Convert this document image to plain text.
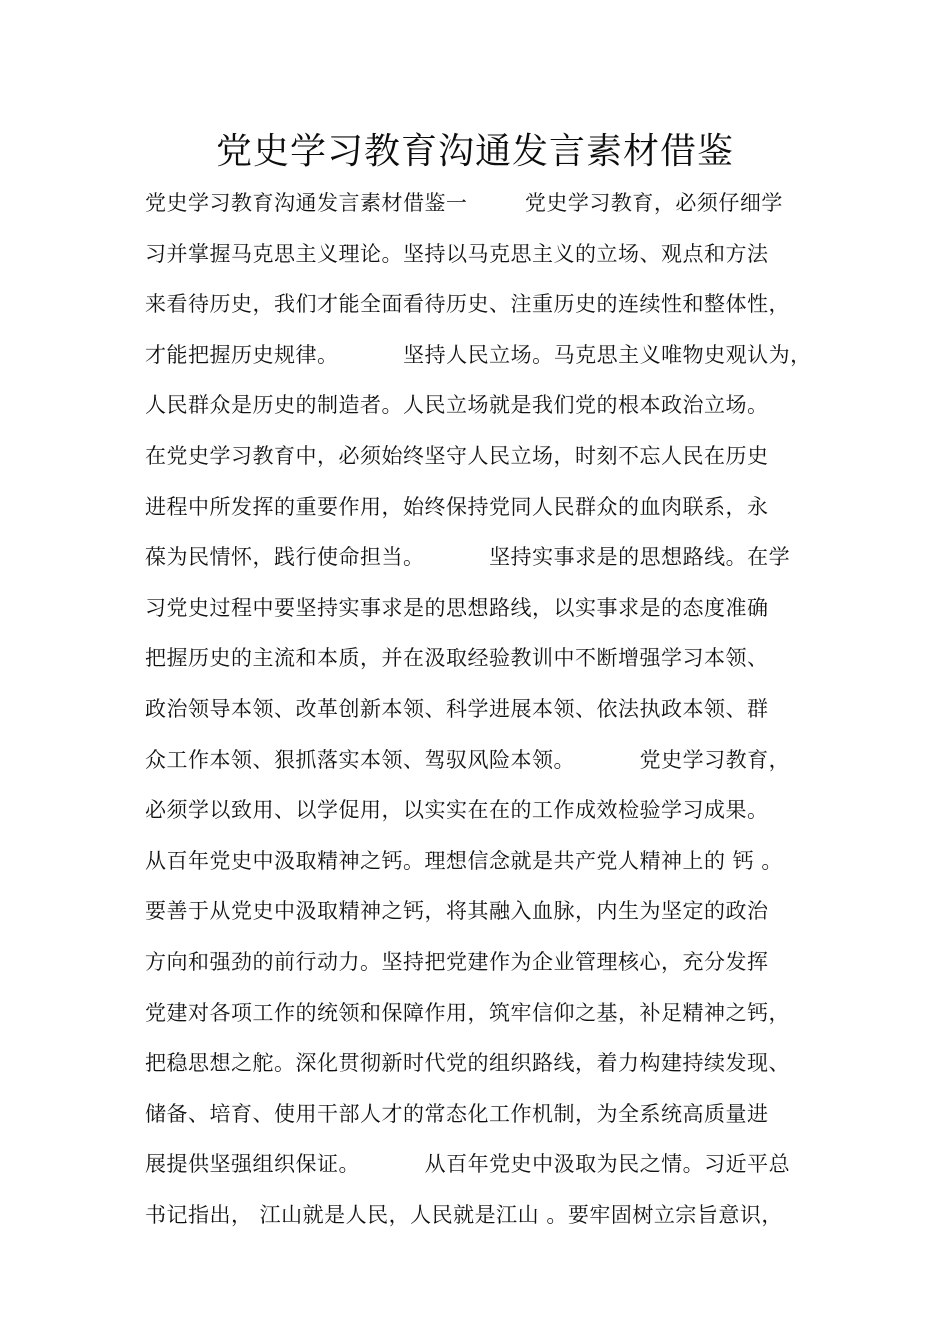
党史学习教育沟通发言素材借鉴
党史学习教育沟通发言素材借鉴一        党史学习教育，必须仔细学
习并掌握马克思主义理论。坚持以马克思主义的立场、观点和方法
来看待历史，我们才能全面看待历史、注重历史的连续性和整体性，
才能把握历史规律。         坚持人民立场。马克思主义唯物史观认为，
人民群众是历史的制造者。人民立场就是我们党的根本政治立场。
在党史学习教育中，必须始终坚守人民立场，时刻不忘人民在历史
进程中所发挥的重要作用，始终保持党同人民群众的血肉联系，永
葆为民情怀，践行使命担当。         坚持实事求是的思想路线。在学
习党史过程中要坚持实事求是的思想路线，以实事求是的态度准确
把握历史的主流和本质，并在汲取经验教训中不断增强学习本领、
政治领导本领、改革创新本领、科学进展本领、依法执政本领、群
众工作本领、狠抓落实本领、驾驭风险本领。         党史学习教育，
必须学以致用、以学促用，以实实在在的工作成效检验学习成果。
从百年党史中汲取精神之钙。理想信念就是共产党人精神上的 钙 。
要善于从党史中汲取精神之钙，将其融入血脉，内生为坚定的政治
方向和强劲的前行动力。坚持把党建作为企业管理核心，充分发挥
党建对各项工作的统领和保障作用，筑牢信仰之基，补足精神之钙，
把稳思想之舵。深化贯彻新时代党的组织路线，着力构建持续发现、
储备、培育、使用干部人才的常态化工作机制，为全系统高质量进
展提供坚强组织保证。         从百年党史中汲取为民之情。习近平总
书记指出， 江山就是人民，人民就是江山 。要牢固树立宗旨意识，
